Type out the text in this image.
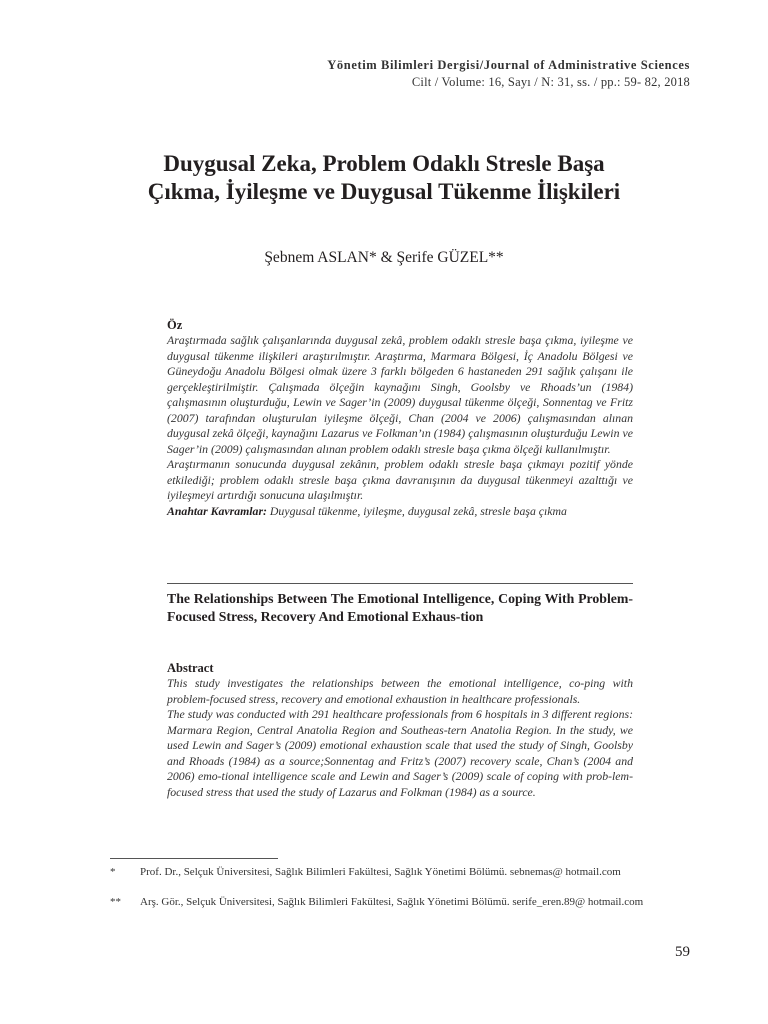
Yönetim Bilimleri Dergisi/Journal of Administrative Sciences
Cilt / Volume: 16, Sayı / N: 31, ss. / pp.: 59- 82, 2018
Duygusal Zeka, Problem Odaklı Stresle Başa
Çıkma, İyileşme ve Duygusal Tükenme İlişkileri
Şebnem ASLAN* & Şerife GÜZEL**
Öz

Araştırmada sağlık çalışanlarında duygusal zekâ, problem odaklı stresle başa çıkma, iyileşme ve duygusal tükenme ilişkileri araştırılmıştır. Araştırma, Marmara Bölgesi, İç Anadolu Bölgesi ve Güneydoğu Anadolu Bölgesi olmak üzere 3 farklı bölgeden 6 hastaneden 291 sağlık çalışanı ile gerçekleştirilmiştir. Çalışmada ölçeğin kaynağını Singh, Goolsby ve Rhoads’un (1984) çalışmasının oluşturduğu, Lewin ve Sager’in (2009) duygusal tükenme ölçeği, Sonnentag ve Fritz (2007) tarafından oluşturulan iyileşme ölçeği, Chan (2004 ve 2006) çalışmasından alınan duygusal zekâ ölçeği, kaynağını Lazarus ve Folkman’ın (1984) çalışmasının oluşturduğu Lewin ve Sager’in (2009) çalışmasından alınan problem odaklı stresle başa çıkma ölçeği kullanılmıştır.

Araştırmanın sonucunda duygusal zekânın, problem odaklı stresle başa çıkmayı pozitif yönde etkilediği; problem odaklı stresle başa çıkma davranışının da duygusal tükenmeyi azalttığı ve iyileşmeyi artırdığı sonucuna ulaşılmıştır.

Anahtar Kavramlar: Duygusal tükenme, iyileşme, duygusal zekâ, stresle başa çıkma

The Relationships Between The Emotional Intelligence, Coping With Problem-Focused Stress, Recovery And Emotional Exhaus-tion
Abstract

This study investigates the relationships between the emotional intelligence, co-ping with problem-focused stress, recovery and emotional exhaustion in healthcare professionals.

The study was conducted with 291 healthcare professionals from 6 hospitals in 3 different regions: Marmara Region, Central Anatolia Region and Southeas-tern Anatolia Region. In the study, we used Lewin and Sager’s (2009) emotional exhaustion scale that used the study of Singh, Goolsby and Rhoads (1984) as a source;Sonnentag and Fritz’s (2007) recovery scale, Chan’s (2004 and 2006) emo-tional intelligence scale and Lewin and Sager’s (2009) scale of coping with prob-lem-focused stress that used the study of Lazarus and Folkman (1984) as a source.

*	Prof. Dr., Selçuk Üniversitesi, Sağlık Bilimleri Fakültesi, Sağlık Yönetimi Bölümü. sebnemas@ hotmail.com
**	Arş. Gör., Selçuk Üniversitesi, Sağlık Bilimleri Fakültesi, Sağlık Yönetimi Bölümü. serife_eren.89@ hotmail.com
59
